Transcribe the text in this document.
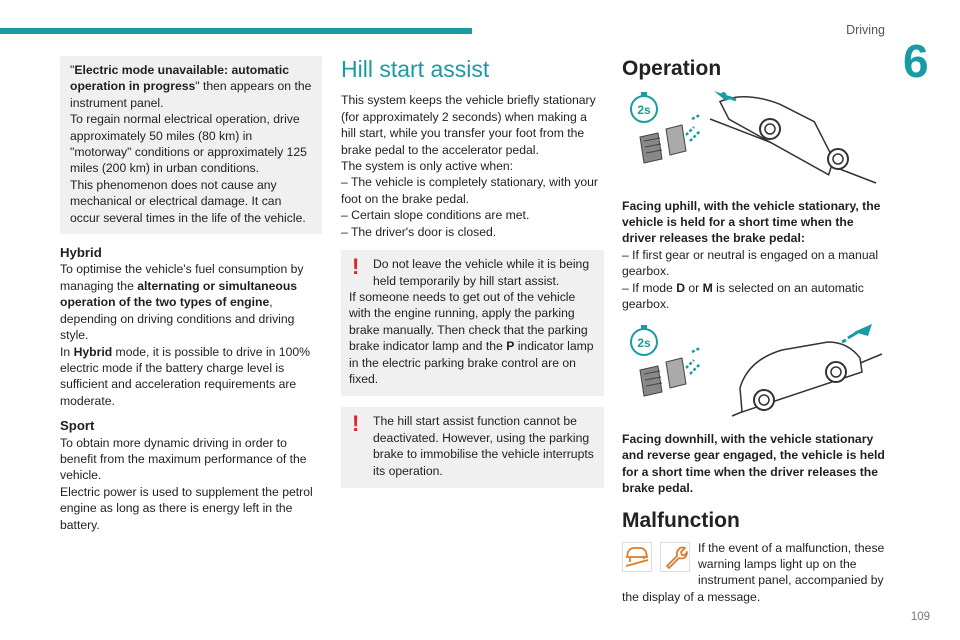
Driving
6
109

"Electric mode unavailable: automatic operation in progress" then appears on the instrument panel.

To regain normal electrical operation, drive approximately 50 miles (80 km) in "motorway" conditions or approximately 125 miles (200 km) in urban conditions.

This phenomenon does not cause any mechanical or electrical damage. It can occur several times in the life of the vehicle.

Hybrid

To optimise the vehicle's fuel consumption by managing the alternating or simultaneous operation of the two types of engine, depending on driving conditions and driving style.

In Hybrid mode, it is possible to drive in 100% electric mode if the battery charge level is sufficient and acceleration requirements are moderate.

Sport

To obtain more dynamic driving in order to benefit from the maximum performance of the vehicle.

Electric power is used to supplement the petrol engine as long as there is energy left in the battery.

Hill start assist

This system keeps the vehicle briefly stationary (for approximately 2 seconds) when making a hill start, while you transfer your foot from the brake pedal to the accelerator pedal.

The system is only active when:

– The vehicle is completely stationary, with your foot on the brake pedal.

– Certain slope conditions are met.

– The driver's door is closed.

!	Do not leave the vehicle while it is being held temporarily by hill start assist.

If someone needs to get out of the vehicle with the engine running, apply the parking brake manually. Then check that the parking brake indicator lamp and the P indicator lamp in the electric parking brake control are on fixed.

!	The hill start assist function cannot be deactivated. However, using the parking brake to immobilise the vehicle interrupts its operation.

Operation
2s

Facing uphill, with the vehicle stationary, the vehicle is held for a short time when the driver releases the brake pedal:

– If first gear or neutral is engaged on a manual gearbox.

– If mode D or M is selected on an automatic gearbox.

2s

Facing downhill, with the vehicle stationary and reverse gear engaged, the vehicle is held for a short time when the driver releases the brake pedal.

Malfunction

If the event of a malfunction, these warning lamps light up on the instrument panel, accompanied by the display of a message.
